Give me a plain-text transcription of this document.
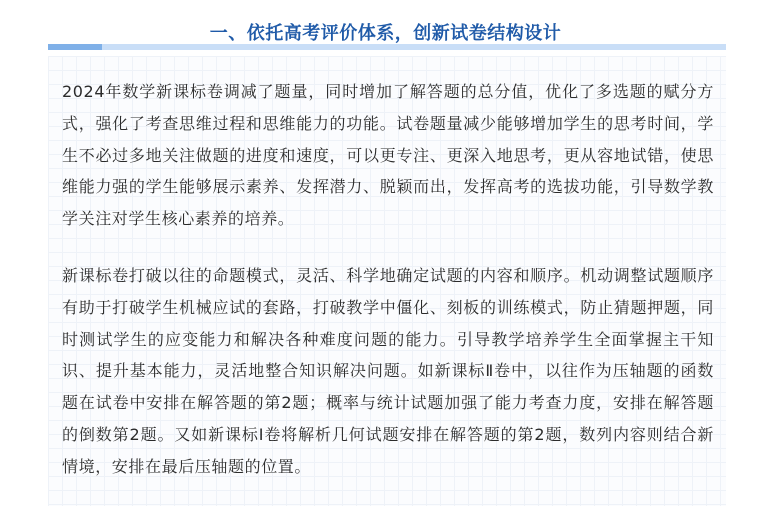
一、依托高考评价体系，创新试卷结构设计

2024年数学新课标卷调减了题量，同时增加了解答题的总分值，优化了多选题的赋分方式，强化了考查思维过程和思维能力的功能。试卷题量减少能够增加学生的思考时间，学生不必过多地关注做题的进度和速度，可以更专注、更深入地思考，更从容地试错，使思维能力强的学生能够展示素养、发挥潜力、脱颖而出，发挥高考的选拔功能，引导数学教学关注对学生核心素养的培养。

新课标卷打破以往的命题模式，灵活、科学地确定试题的内容和顺序。机动调整试题顺序有助于打破学生机械应试的套路，打破教学中僵化、刻板的训练模式，防止猜题押题，同时测试学生的应变能力和解决各种难度问题的能力。引导教学培养学生全面掌握主干知识、提升基本能力，灵活地整合知识解决问题。如新课标Ⅱ卷中，以往作为压轴题的函数题在试卷中安排在解答题的第2题；概率与统计试题加强了能力考查力度，安排在解答题的倒数第2题。又如新课标Ⅰ卷将解析几何试题安排在解答题的第2题，数列内容则结合新情境，安排在最后压轴题的位置。
